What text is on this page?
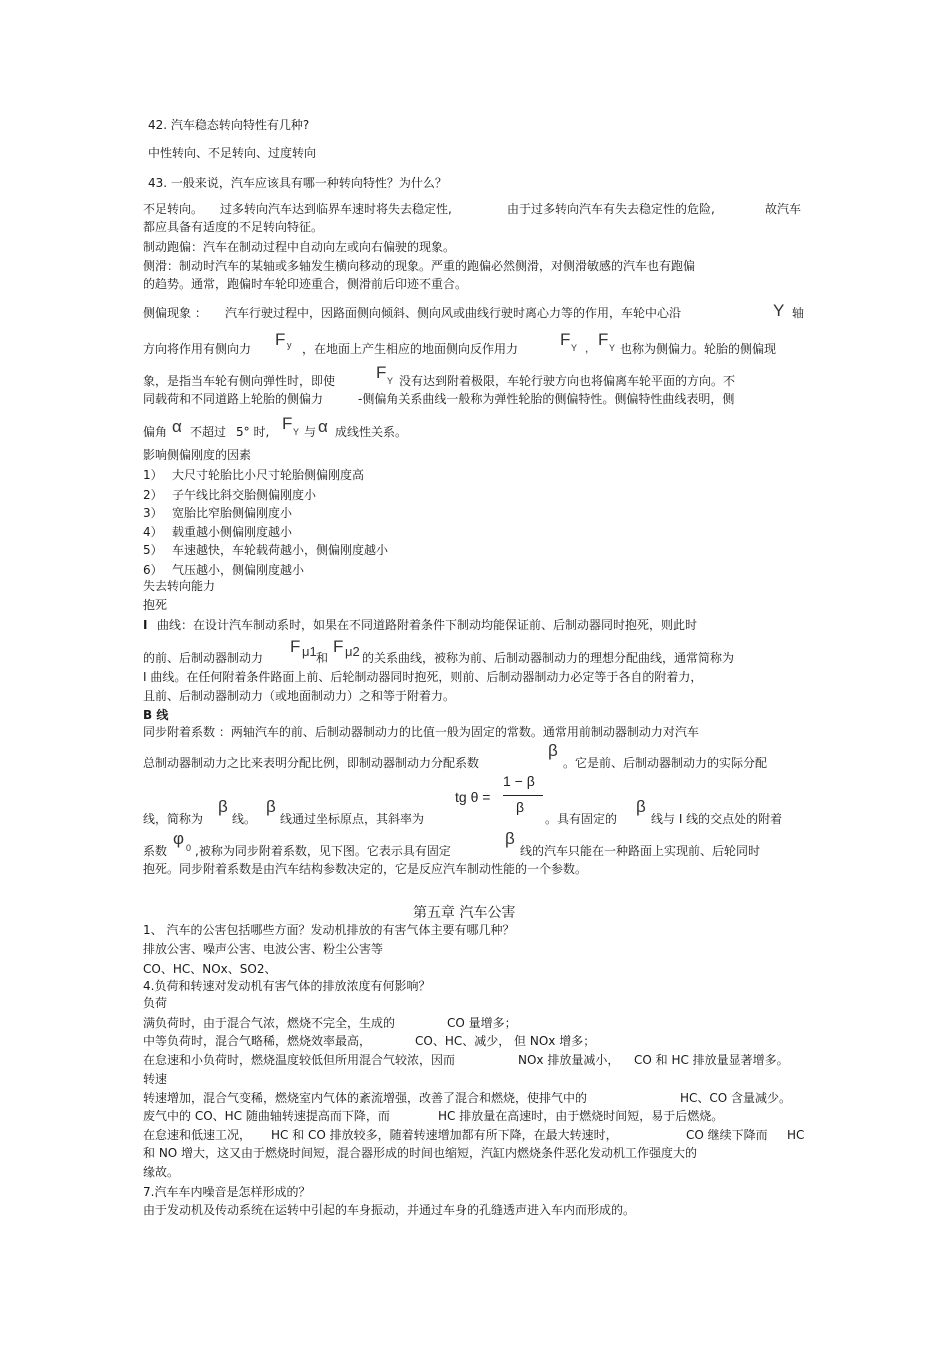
42. 汽车稳态转向特性有几种?
中性转向、不足转向、过度转向
43. 一般来说，汽车应该具有哪一种转向特性？为什么？
不足转向。 过多转向汽车达到临界车速时将失去稳定性,	由于过多转向汽车有失去稳定性的危险,	故汽车
都应具备有适度的不足转向特征。
制动跑偏：汽车在制动过程中自动向左或向右偏驶的现象。
侧滑：制动时汽车的某轴或多轴发生横向移动的现象。严重的跑偏必然侧滑，对侧滑敏感的汽车也有跑偏
的趋势。通常，跑偏时车轮印迹重合，侧滑前后印迹不重合。
侧偏现象 ： 汽车行驶过程中，因路面侧向倾斜、侧向风或曲线行驶时离心力等的作用，车轮中心沿	Y 轴
方向将作用有侧向力 F y ，在地面上产生相应的地面侧向反作用力 F Y , F Y 也称为侧偏力。轮胎的侧偏现
象，是指当车轮有侧向弹性时，即使 F Y 没有达到附着极限，车轮行驶方向也将偏离车轮平面的方向。不
同载荷和不同道路上轮胎的侧偏力	-侧偏角关系曲线一般称为弹性轮胎的侧偏特性。侧偏特性曲线表明，侧
偏角 α 不超过 5° 时, F Y 与 α 成线性关系。
影响侧偏刚度的因素
1） 大尺寸轮胎比小尺寸轮胎侧偏刚度高
2） 子午线比斜交胎侧偏刚度小
3） 宽胎比窄胎侧偏刚度小
4） 载重越小侧偏刚度越小
5） 车速越快，车轮载荷越小，侧偏刚度越小
6） 气压越小，侧偏刚度越小
失去转向能力
抱死
I 曲线：在设计汽车制动系时，如果在不同道路附着条件下制动均能保证前、后制动器同时抱死，则此时
的前、后制动器制动力
F μ1 和
F μ2 的关系曲线，被称为前、后制动器制动力的理想分配曲线，通常简称为
I 曲线。在任何附着条件路面上前、后轮制动器同时抱死，则前、后制动器制动力必定等于各自的附着力，
且前、后制动器制动力（或地面制动力）之和等于附着力。
B 线
同步附着系数 ：两轴汽车的前、后制动器制动力的比值一般为固定的常数。通常用前制动器制动力对汽车
总制动器制动力之比来表明分配比例，即制动器制动力分配系数
β
。它是前、后制动器制动力的实际分配
tg θ =
1 − β
β
线，简称为
β
线。
β
线通过坐标原点，其斜率为	。具有固定的
β
线与 I 线的交点处的附着
系数
φ 0 ,被称为同步附着系数，见下图。它表示具有固定
β
线的汽车只能在一种路面上实现前、后轮同时
抱死。同步附着系数是由汽车结构参数决定的，它是反应汽车制动性能的一个参数。
第五章 汽车公害
1、 汽车的公害包括哪些方面？发动机排放的有害气体主要有哪几种？
排放公害、噪声公害、电波公害、粉尘公害等
CO、HC、NOx、SO2、
4.负荷和转速对发动机有害气体的排放浓度有何影响？
负荷
满负荷时，由于混合气浓，燃烧不完全，生成的	CO 量增多；
中等负荷时，混合气略稀，燃烧效率最高，	CO、HC、减少， 但 NOx 增多；
在怠速和小负荷时，燃烧温度较低但所用混合气较浓，因而	NOx 排放量减小， CO 和 HC 排放量显著增多。
转速
转速增加，混合气变稀，燃烧室内气体的紊流增强，改善了混合和燃烧，使排气中的	HC、CO 含量减少。
废气中的 CO、HC 随曲轴转速提高而下降，而	HC 排放量在高速时，由于燃烧时间短，易于后燃烧。
在怠速和低速工况， HC 和 CO 排放较多，随着转速增加都有所下降，在最大转速时，	CO 继续下降而 HC
和 NO 增大，这又由于燃烧时间短，混合器形成的时间也缩短，汽缸内燃烧条件恶化发动机工作强度大的
缘故。
7.汽车车内噪音是怎样形成的？
由于发动机及传动系统在运转中引起的车身振动，并通过车身的孔缝透声进入车内而形成的。
